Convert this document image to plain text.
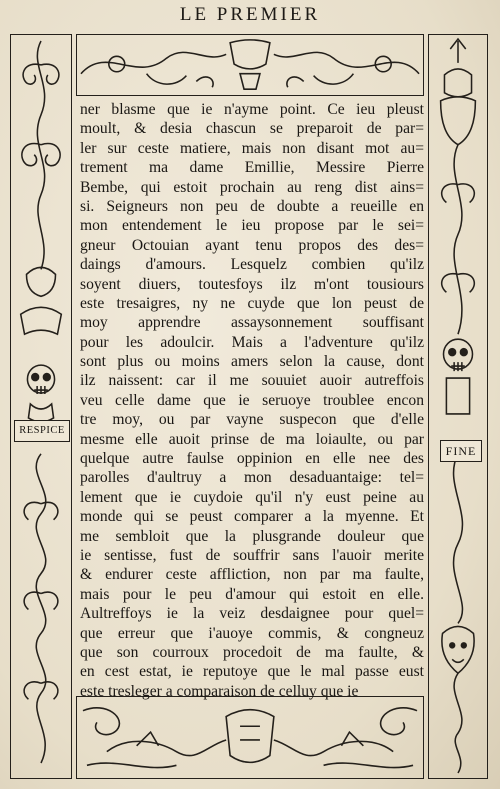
LE PREMIER
RESPICE
FINE
ner blasme que ie n'ayme point. Ce ieu pleust
moult, & desia chascun se preparoit de par=
ler sur ceste matiere, mais non disant mot au=
trement ma dame Emillie, Messire Pierre
Bembe, qui estoit prochain au reng dist ains=
si. Seigneurs non peu de doubte a reueille en
mon entendement le ieu propose par le sei=
gneur Octouian ayant tenu propos des des=
daings d'amours. Lesquelz combien qu'ilz
soyent diuers, toutesfoys ilz m'ont tousiours
este tresaigres, ny ne cuyde que lon peust de
moy apprendre assaysonnement souffisant
pour les adoulcir. Mais a l'adventure qu'ilz
sont plus ou moins amers selon la cause, dont
ilz naissent: car il me souuiet auoir autreffois
veu celle dame que ie seruoye troublee encon
tre moy, ou par vayne suspecon que d'elle
mesme elle auoit prinse de ma loiaulte, ou par
quelque autre faulse oppinion en elle nee des
parolles d'aultruy a mon desaduantaige: tel=
lement que ie cuydoie qu'il n'y eust peine au
monde qui se peust comparer a la myenne. Et
me sembloit que la plusgrande douleur que
ie sentisse, fust de souffrir sans l'auoir merite
& endurer ceste affliction, non par ma faulte,
mais pour le peu d'amour qui estoit en elle.
Aultreffoys ie la veiz desdaignee pour quel=
que erreur que i'auoye commis, & congneuz
que son courroux procedoit de ma faulte, &
en cest estat, ie reputoye que le mal passe eust
este tresleger a comparaison de celluy que ie
